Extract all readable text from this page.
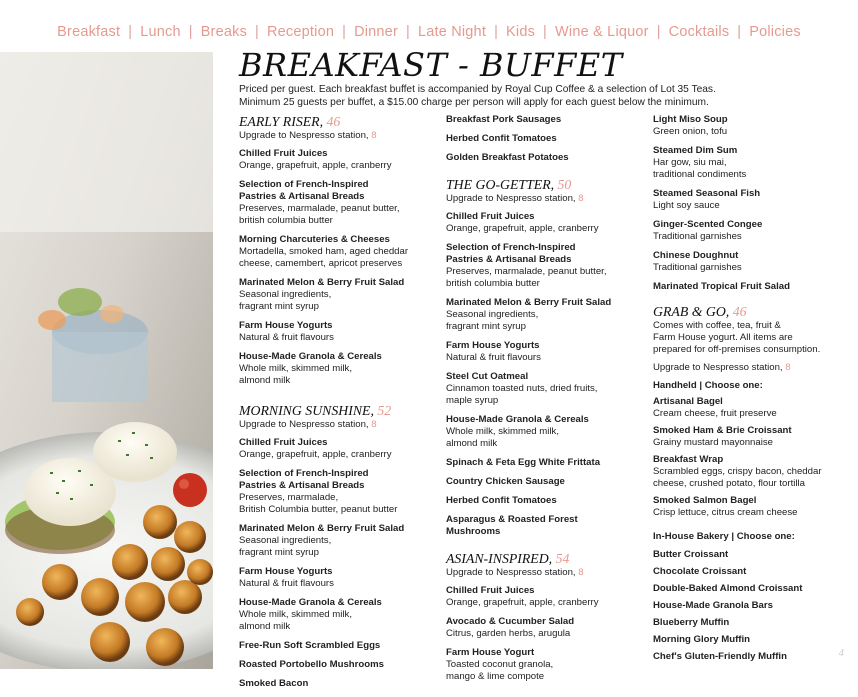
Breakfast | Lunch | Breaks | Reception | Dinner | Late Night | Kids | Wine & Liquor | Cocktails | Policies
BREAKFAST - BUFFET
Priced per guest. Each breakfast buffet is accompanied by Royal Cup Coffee & a selection of Lot 35 Teas.
Minimum 25 guests per buffet, a $15.00 charge per person will apply for each guest below the minimum.
EARLY RISER, 46
Upgrade to Nespresso station, 8
Chilled Fruit Juices
Orange, grapefruit, apple, cranberry
Selection of French-Inspired
Pastries & Artisanal Breads
Preserves, marmalade, peanut butter,
british columbia butter
Morning Charcuteries & Cheeses
Mortadella, smoked ham, aged cheddar
cheese, camembert, apricot preserves
Marinated Melon & Berry Fruit Salad
Seasonal ingredients,
fragrant mint syrup
Farm House Yogurts
Natural & fruit flavours
House-Made Granola & Cereals
Whole milk, skimmed milk,
almond milk
MORNING SUNSHINE, 52
Upgrade to Nespresso station, 8
Chilled Fruit Juices
Orange, grapefruit, apple, cranberry
Selection of French-Inspired
Pastries & Artisanal Breads
Preserves, marmalade,
British Columbia butter, peanut butter
Marinated Melon & Berry Fruit Salad
Seasonal ingredients,
fragrant mint syrup
Farm House Yogurts
Natural & fruit flavours
House-Made Granola & Cereals
Whole milk, skimmed milk,
almond milk
Free-Run Soft Scrambled Eggs
Roasted Portobello Mushrooms
Smoked Bacon
Breakfast Pork Sausages
Herbed Confit Tomatoes
Golden Breakfast Potatoes
THE GO-GETTER, 50
Upgrade to Nespresso station, 8
Chilled Fruit Juices
Orange, grapefruit, apple, cranberry
Selection of French-Inspired
Pastries & Artisanal Breads
Preserves, marmalade, peanut butter,
british columbia butter
Marinated Melon & Berry Fruit Salad
Seasonal ingredients,
fragrant mint syrup
Farm House Yogurts
Natural & fruit flavours
Steel Cut Oatmeal
Cinnamon toasted nuts, dried fruits,
maple syrup
House-Made Granola & Cereals
Whole milk, skimmed milk,
almond milk
Spinach & Feta Egg White Frittata
Country Chicken Sausage
Herbed Confit Tomatoes
Asparagus & Roasted Forest
Mushrooms
ASIAN-INSPIRED, 54
Upgrade to Nespresso station, 8
Chilled Fruit Juices
Orange, grapefruit, apple, cranberry
Avocado & Cucumber Salad
Citrus, garden herbs, arugula
Farm House Yogurt
Toasted coconut granola,
mango & lime compote
Light Miso Soup
Green onion, tofu
Steamed Dim Sum
Har gow, siu mai,
traditional condiments
Steamed Seasonal Fish
Light soy sauce
Ginger-Scented Congee
Traditional garnishes
Chinese Doughnut
Traditional garnishes
Marinated Tropical Fruit Salad
GRAB & GO, 46
Comes with coffee, tea, fruit &
Farm House yogurt. All items are
prepared for off-premises consumption.
Upgrade to Nespresso station, 8
Handheld | Choose one:
Artisanal Bagel
Cream cheese, fruit preserve
Smoked Ham & Brie Croissant
Grainy mustard mayonnaise
Breakfast Wrap
Scrambled eggs, crispy bacon, cheddar
cheese, crushed potato, flour tortilla
Smoked Salmon Bagel
Crisp lettuce, citrus cream cheese
In-House Bakery | Choose one:
Butter Croissant
Chocolate Croissant
Double-Baked Almond Croissant
House-Made Granola Bars
Blueberry Muffin
Morning Glory Muffin
Chef's Gluten-Friendly Muffin	4
